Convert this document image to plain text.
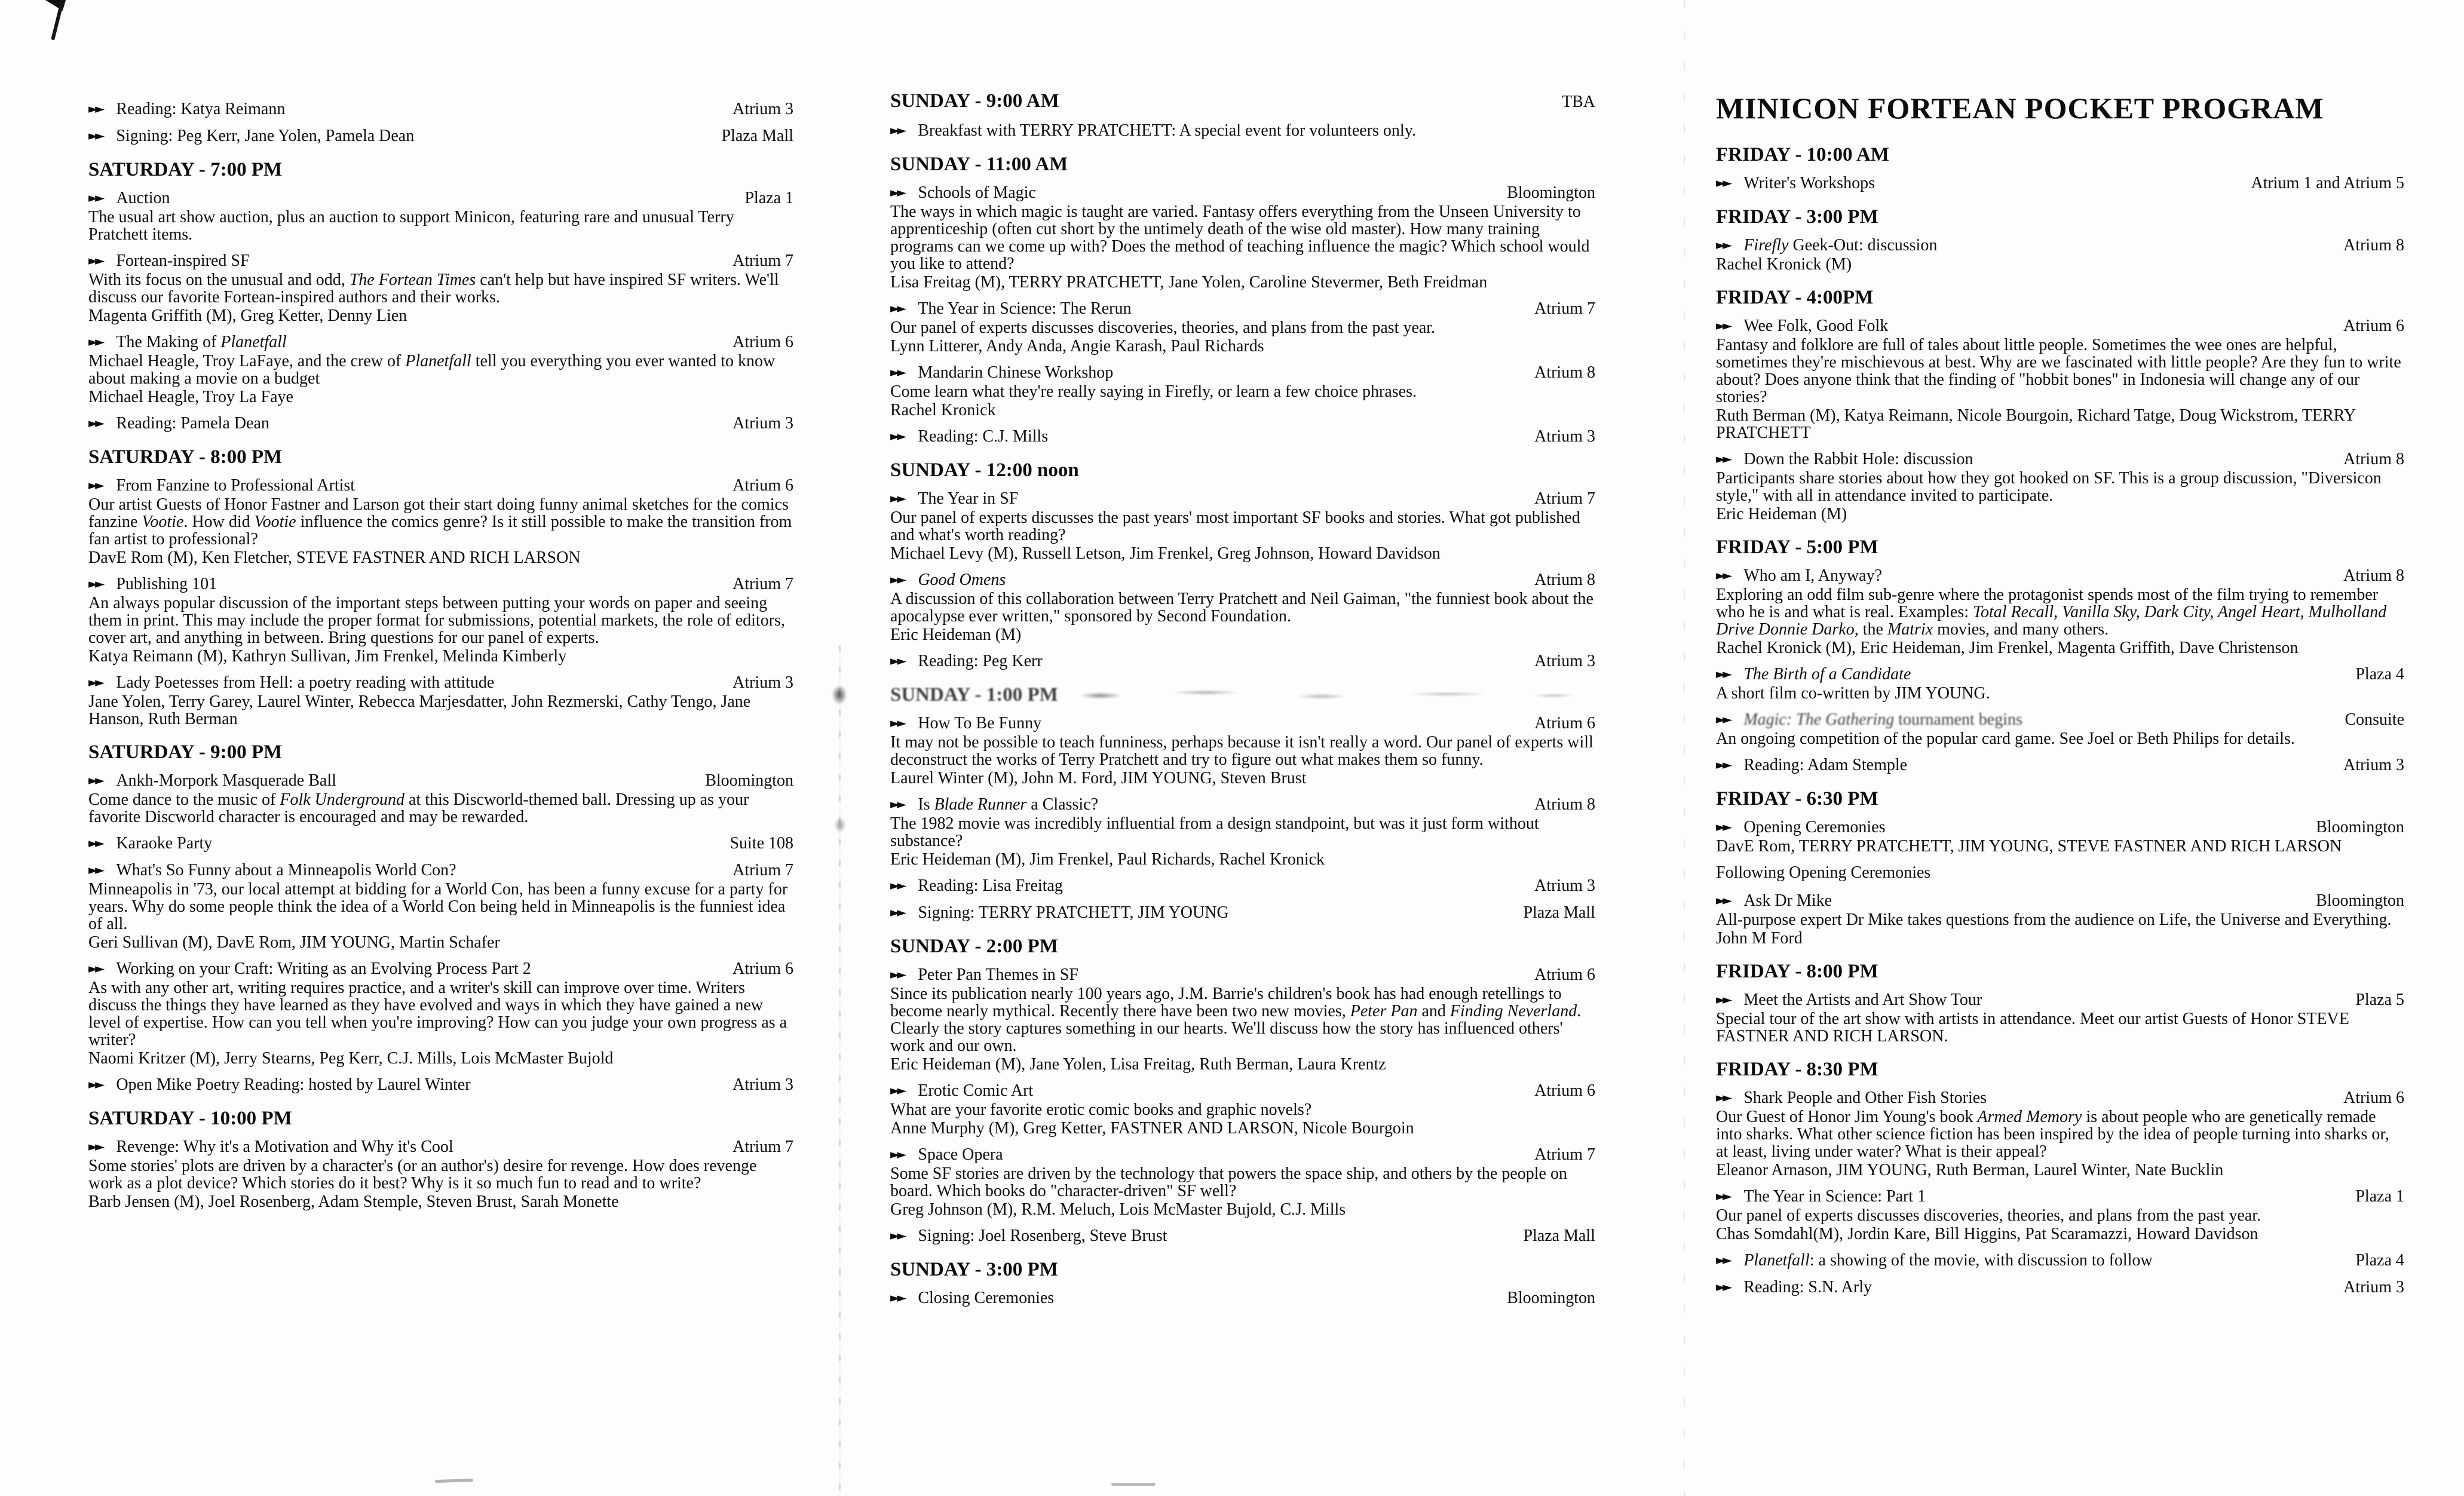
►► Reading: Katya Reimann	Atrium 3
►► Signing: Peg Kerr, Jane Yolen, Pamela Dean	Plaza Mall
SATURDAY - 7:00 PM
►► Auction	Plaza 1
The usual art show auction, plus an auction to support Minicon, featuring rare and unusual Terry Pratchett items.
►► Fortean-inspired SF	Atrium 7
With its focus on the unusual and odd, The Fortean Times can't help but have inspired SF writers. We'll discuss our favorite Fortean-inspired authors and their works.
Magenta Griffith (M), Greg Ketter, Denny Lien
►► The Making of Planetfall	Atrium 6
Michael Heagle, Troy LaFaye, and the crew of Planetfall tell you everything you ever wanted to know about making a movie on a budget
Michael Heagle, Troy La Faye
►► Reading: Pamela Dean	Atrium 3
SATURDAY - 8:00 PM
►► From Fanzine to Professional Artist	Atrium 6
Our artist Guests of Honor Fastner and Larson got their start doing funny animal sketches for the comics fanzine Vootie. How did Vootie influence the comics genre? Is it still possible to make the transition from fan artist to professional?
DavE Rom (M), Ken Fletcher, STEVE FASTNER AND RICH LARSON
►► Publishing 101	Atrium 7
An always popular discussion of the important steps between putting your words on paper and seeing them in print. This may include the proper format for submissions, potential markets, the role of editors, cover art, and anything in between. Bring questions for our panel of experts.
Katya Reimann (M), Kathryn Sullivan, Jim Frenkel, Melinda Kimberly
►► Lady Poetesses from Hell: a poetry reading with attitude	Atrium 3
Jane Yolen, Terry Garey, Laurel Winter, Rebecca Marjesdatter, John Rezmerski, Cathy Tengo, Jane Hanson, Ruth Berman
SATURDAY - 9:00 PM
►► Ankh-Morpork Masquerade Ball	Bloomington
Come dance to the music of Folk Underground at this Discworld-themed ball. Dressing up as your favorite Discworld character is encouraged and may be rewarded.
►► Karaoke Party	Suite 108
►► What's So Funny about a Minneapolis World Con?	Atrium 7
Minneapolis in '73, our local attempt at bidding for a World Con, has been a funny excuse for a party for years. Why do some people think the idea of a World Con being held in Minneapolis is the funniest idea of all.
Geri Sullivan (M), DavE Rom, JIM YOUNG, Martin Schafer
►► Working on your Craft: Writing as an Evolving Process Part 2	Atrium 6
As with any other art, writing requires practice, and a writer's skill can improve over time. Writers discuss the things they have learned as they have evolved and ways in which they have gained a new level of expertise. How can you tell when you're improving? How can you judge your own progress as a writer?
Naomi Kritzer (M), Jerry Stearns, Peg Kerr, C.J. Mills, Lois McMaster Bujold
►► Open Mike Poetry Reading: hosted by Laurel Winter	Atrium 3
SATURDAY - 10:00 PM
►► Revenge: Why it's a Motivation and Why it's Cool	Atrium 7
Some stories' plots are driven by a character's (or an author's) desire for revenge. How does revenge work as a plot device? Which stories do it best? Why is it so much fun to read and to write?
Barb Jensen (M), Joel Rosenberg, Adam Stemple, Steven Brust, Sarah Monette
SUNDAY - 9:00 AM	TBA
►► Breakfast with TERRY PRATCHETT: A special event for volunteers only.
SUNDAY - 11:00 AM
►► Schools of Magic	Bloomington
The ways in which magic is taught are varied. Fantasy offers everything from the Unseen University to apprenticeship (often cut short by the untimely death of the wise old master). How many training programs can we come up with? Does the method of teaching influence the magic? Which school would you like to attend?
Lisa Freitag (M), TERRY PRATCHETT, Jane Yolen, Caroline Stevermer, Beth Freidman
►► The Year in Science: The Rerun	Atrium 7
Our panel of experts discusses discoveries, theories, and plans from the past year.
Lynn Litterer, Andy Anda, Angie Karash, Paul Richards
►► Mandarin Chinese Workshop	Atrium 8
Come learn what they're really saying in Firefly, or learn a few choice phrases.
Rachel Kronick
►► Reading: C.J. Mills	Atrium 3
SUNDAY - 12:00 noon
►► The Year in SF	Atrium 7
Our panel of experts discusses the past years' most important SF books and stories. What got published and what's worth reading?
Michael Levy (M), Russell Letson, Jim Frenkel, Greg Johnson, Howard Davidson
►► Good Omens	Atrium 8
A discussion of this collaboration between Terry Pratchett and Neil Gaiman, "the funniest book about the apocalypse ever written," sponsored by Second Foundation.
Eric Heideman (M)
►► Reading: Peg Kerr	Atrium 3
SUNDAY - 1:00 PM
►► How To Be Funny	Atrium 6
It may not be possible to teach funniness, perhaps because it isn't really a word. Our panel of experts will deconstruct the works of Terry Pratchett and try to figure out what makes them so funny.
Laurel Winter (M), John M. Ford, JIM YOUNG, Steven Brust
►► Is Blade Runner a Classic?	Atrium 8
The 1982 movie was incredibly influential from a design standpoint, but was it just form without substance?
Eric Heideman (M), Jim Frenkel, Paul Richards, Rachel Kronick
►► Reading: Lisa Freitag	Atrium 3
►► Signing: TERRY PRATCHETT, JIM YOUNG	Plaza Mall
SUNDAY - 2:00 PM
►► Peter Pan Themes in SF	Atrium 6
Since its publication nearly 100 years ago, J.M. Barrie's children's book has had enough retellings to become nearly mythical. Recently there have been two new movies, Peter Pan and Finding Neverland. Clearly the story captures something in our hearts. We'll discuss how the story has influenced others' work and our own.
Eric Heideman (M), Jane Yolen, Lisa Freitag, Ruth Berman, Laura Krentz
►► Erotic Comic Art	Atrium 6
What are your favorite erotic comic books and graphic novels?
Anne Murphy (M), Greg Ketter, FASTNER AND LARSON, Nicole Bourgoin
►► Space Opera	Atrium 7
Some SF stories are driven by the technology that powers the space ship, and others by the people on board. Which books do "character-driven" SF well?
Greg Johnson (M), R.M. Meluch, Lois McMaster Bujold, C.J. Mills
►► Signing: Joel Rosenberg, Steve Brust	Plaza Mall
SUNDAY - 3:00 PM
►► Closing Ceremonies	Bloomington
MINICON FORTEAN POCKET PROGRAM
FRIDAY - 10:00 AM
►► Writer's Workshops	Atrium 1 and Atrium 5
FRIDAY - 3:00 PM
►► Firefly Geek-Out: discussion	Atrium 8
Rachel Kronick (M)
FRIDAY - 4:00PM
►► Wee Folk, Good Folk	Atrium 6
Fantasy and folklore are full of tales about little people. Sometimes the wee ones are helpful, sometimes they're mischievous at best. Why are we fascinated with little people? Are they fun to write about? Does anyone think that the finding of "hobbit bones" in Indonesia will change any of our stories?
Ruth Berman (M), Katya Reimann, Nicole Bourgoin, Richard Tatge, Doug Wickstrom, TERRY PRATCHETT
►► Down the Rabbit Hole: discussion	Atrium 8
Participants share stories about how they got hooked on SF. This is a group discussion, "Diversicon style," with all in attendance invited to participate.
Eric Heideman (M)
FRIDAY - 5:00 PM
►► Who am I, Anyway?	Atrium 8
Exploring an odd film sub-genre where the protagonist spends most of the film trying to remember who he is and what is real. Examples: Total Recall, Vanilla Sky, Dark City, Angel Heart, Mulholland Drive Donnie Darko, the Matrix movies, and many others.
Rachel Kronick (M), Eric Heideman, Jim Frenkel, Magenta Griffith, Dave Christenson
►► The Birth of a Candidate	Plaza 4
A short film co-written by JIM YOUNG.
►► Magic: The Gathering tournament begins	Consuite
An ongoing competition of the popular card game. See Joel or Beth Philips for details.
►► Reading: Adam Stemple	Atrium 3
FRIDAY - 6:30 PM
►► Opening Ceremonies	Bloomington
DavE Rom, TERRY PRATCHETT, JIM YOUNG, STEVE FASTNER AND RICH LARSON
Following Opening Ceremonies
►► Ask Dr Mike	Bloomington
All-purpose expert Dr Mike takes questions from the audience on Life, the Universe and Everything.
John M Ford
FRIDAY - 8:00 PM
►► Meet the Artists and Art Show Tour	Plaza 5
Special tour of the art show with artists in attendance. Meet our artist Guests of Honor STEVE FASTNER AND RICH LARSON.
FRIDAY - 8:30 PM
►► Shark People and Other Fish Stories	Atrium 6
Our Guest of Honor Jim Young's book Armed Memory is about people who are genetically remade into sharks. What other science fiction has been inspired by the idea of people turning into sharks or, at least, living under water? What is their appeal?
Eleanor Arnason, JIM YOUNG, Ruth Berman, Laurel Winter, Nate Bucklin
►► The Year in Science: Part 1	Plaza 1
Our panel of experts discusses discoveries, theories, and plans from the past year.
Chas Somdahl(M), Jordin Kare, Bill Higgins, Pat Scaramazzi, Howard Davidson
►► Planetfall: a showing of the movie, with discussion to follow	Plaza 4
►► Reading: S.N. Arly	Atrium 3
